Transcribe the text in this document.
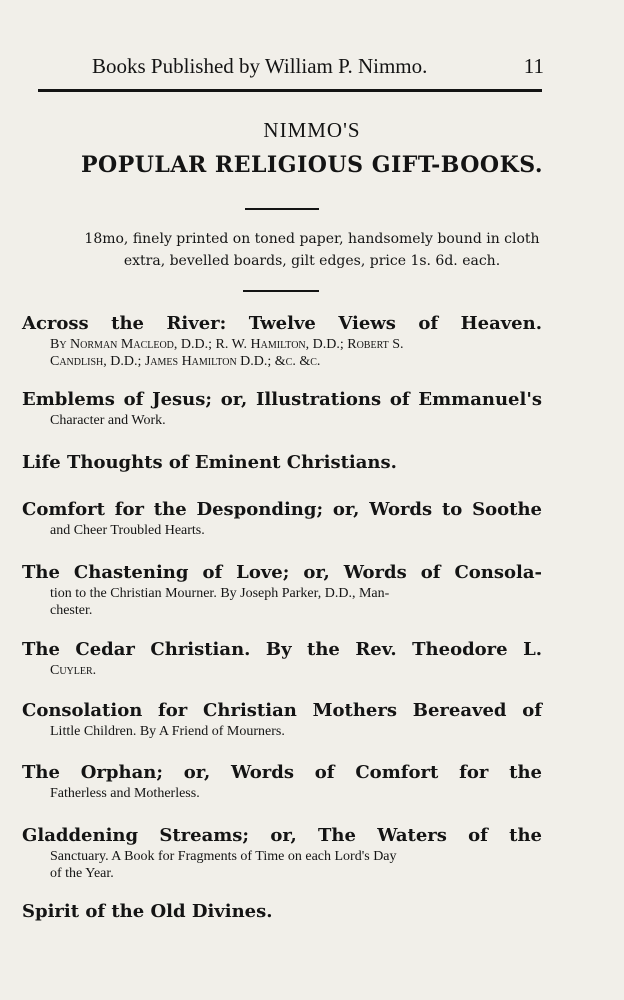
Books Published by William P. Nimmo.	11
NIMMO'S
POPULAR RELIGIOUS GIFT-BOOKS.
18mo, finely printed on toned paper, handsomely bound in cloth
extra, bevelled boards, gilt edges, price 1s. 6d. each.
Across the River: Twelve Views of Heaven.
By Norman Macleod, D.D.; R. W. Hamilton, D.D.; Robert S.
Candlish, D.D.; James Hamilton D.D.; &c. &c.
Emblems of Jesus; or, Illustrations of Emmanuel's
Character and Work.
Life Thoughts of Eminent Christians.
Comfort for the Desponding; or, Words to Soothe
and Cheer Troubled Hearts.
The Chastening of Love; or, Words of Consola-
tion to the Christian Mourner. By Joseph Parker, D.D., Man-
chester.
The Cedar Christian. By the Rev. Theodore L.
Cuyler.
Consolation for Christian Mothers Bereaved of
Little Children. By A Friend of Mourners.
The Orphan; or, Words of Comfort for the
Fatherless and Motherless.
Gladdening Streams; or, The Waters of the
Sanctuary. A Book for Fragments of Time on each Lord's Day
of the Year.
Spirit of the Old Divines.
